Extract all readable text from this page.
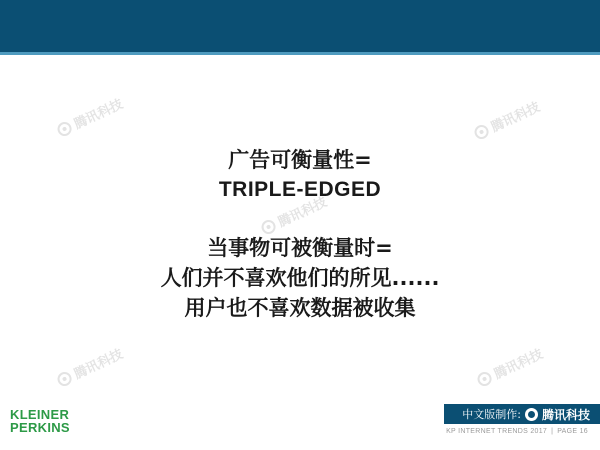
腾讯科技	腾讯科技
腾讯科技
腾讯科技	腾讯科技
广告可衡量性=
TRIPLE-EDGED
当事物可被衡量时=
人们并不喜欢他们的所见......
用户也不喜欢数据被收集
KLEINER
PERKINS
中文版制作: 腾讯科技
KP INTERNET TRENDS 2017 | PAGE 16
